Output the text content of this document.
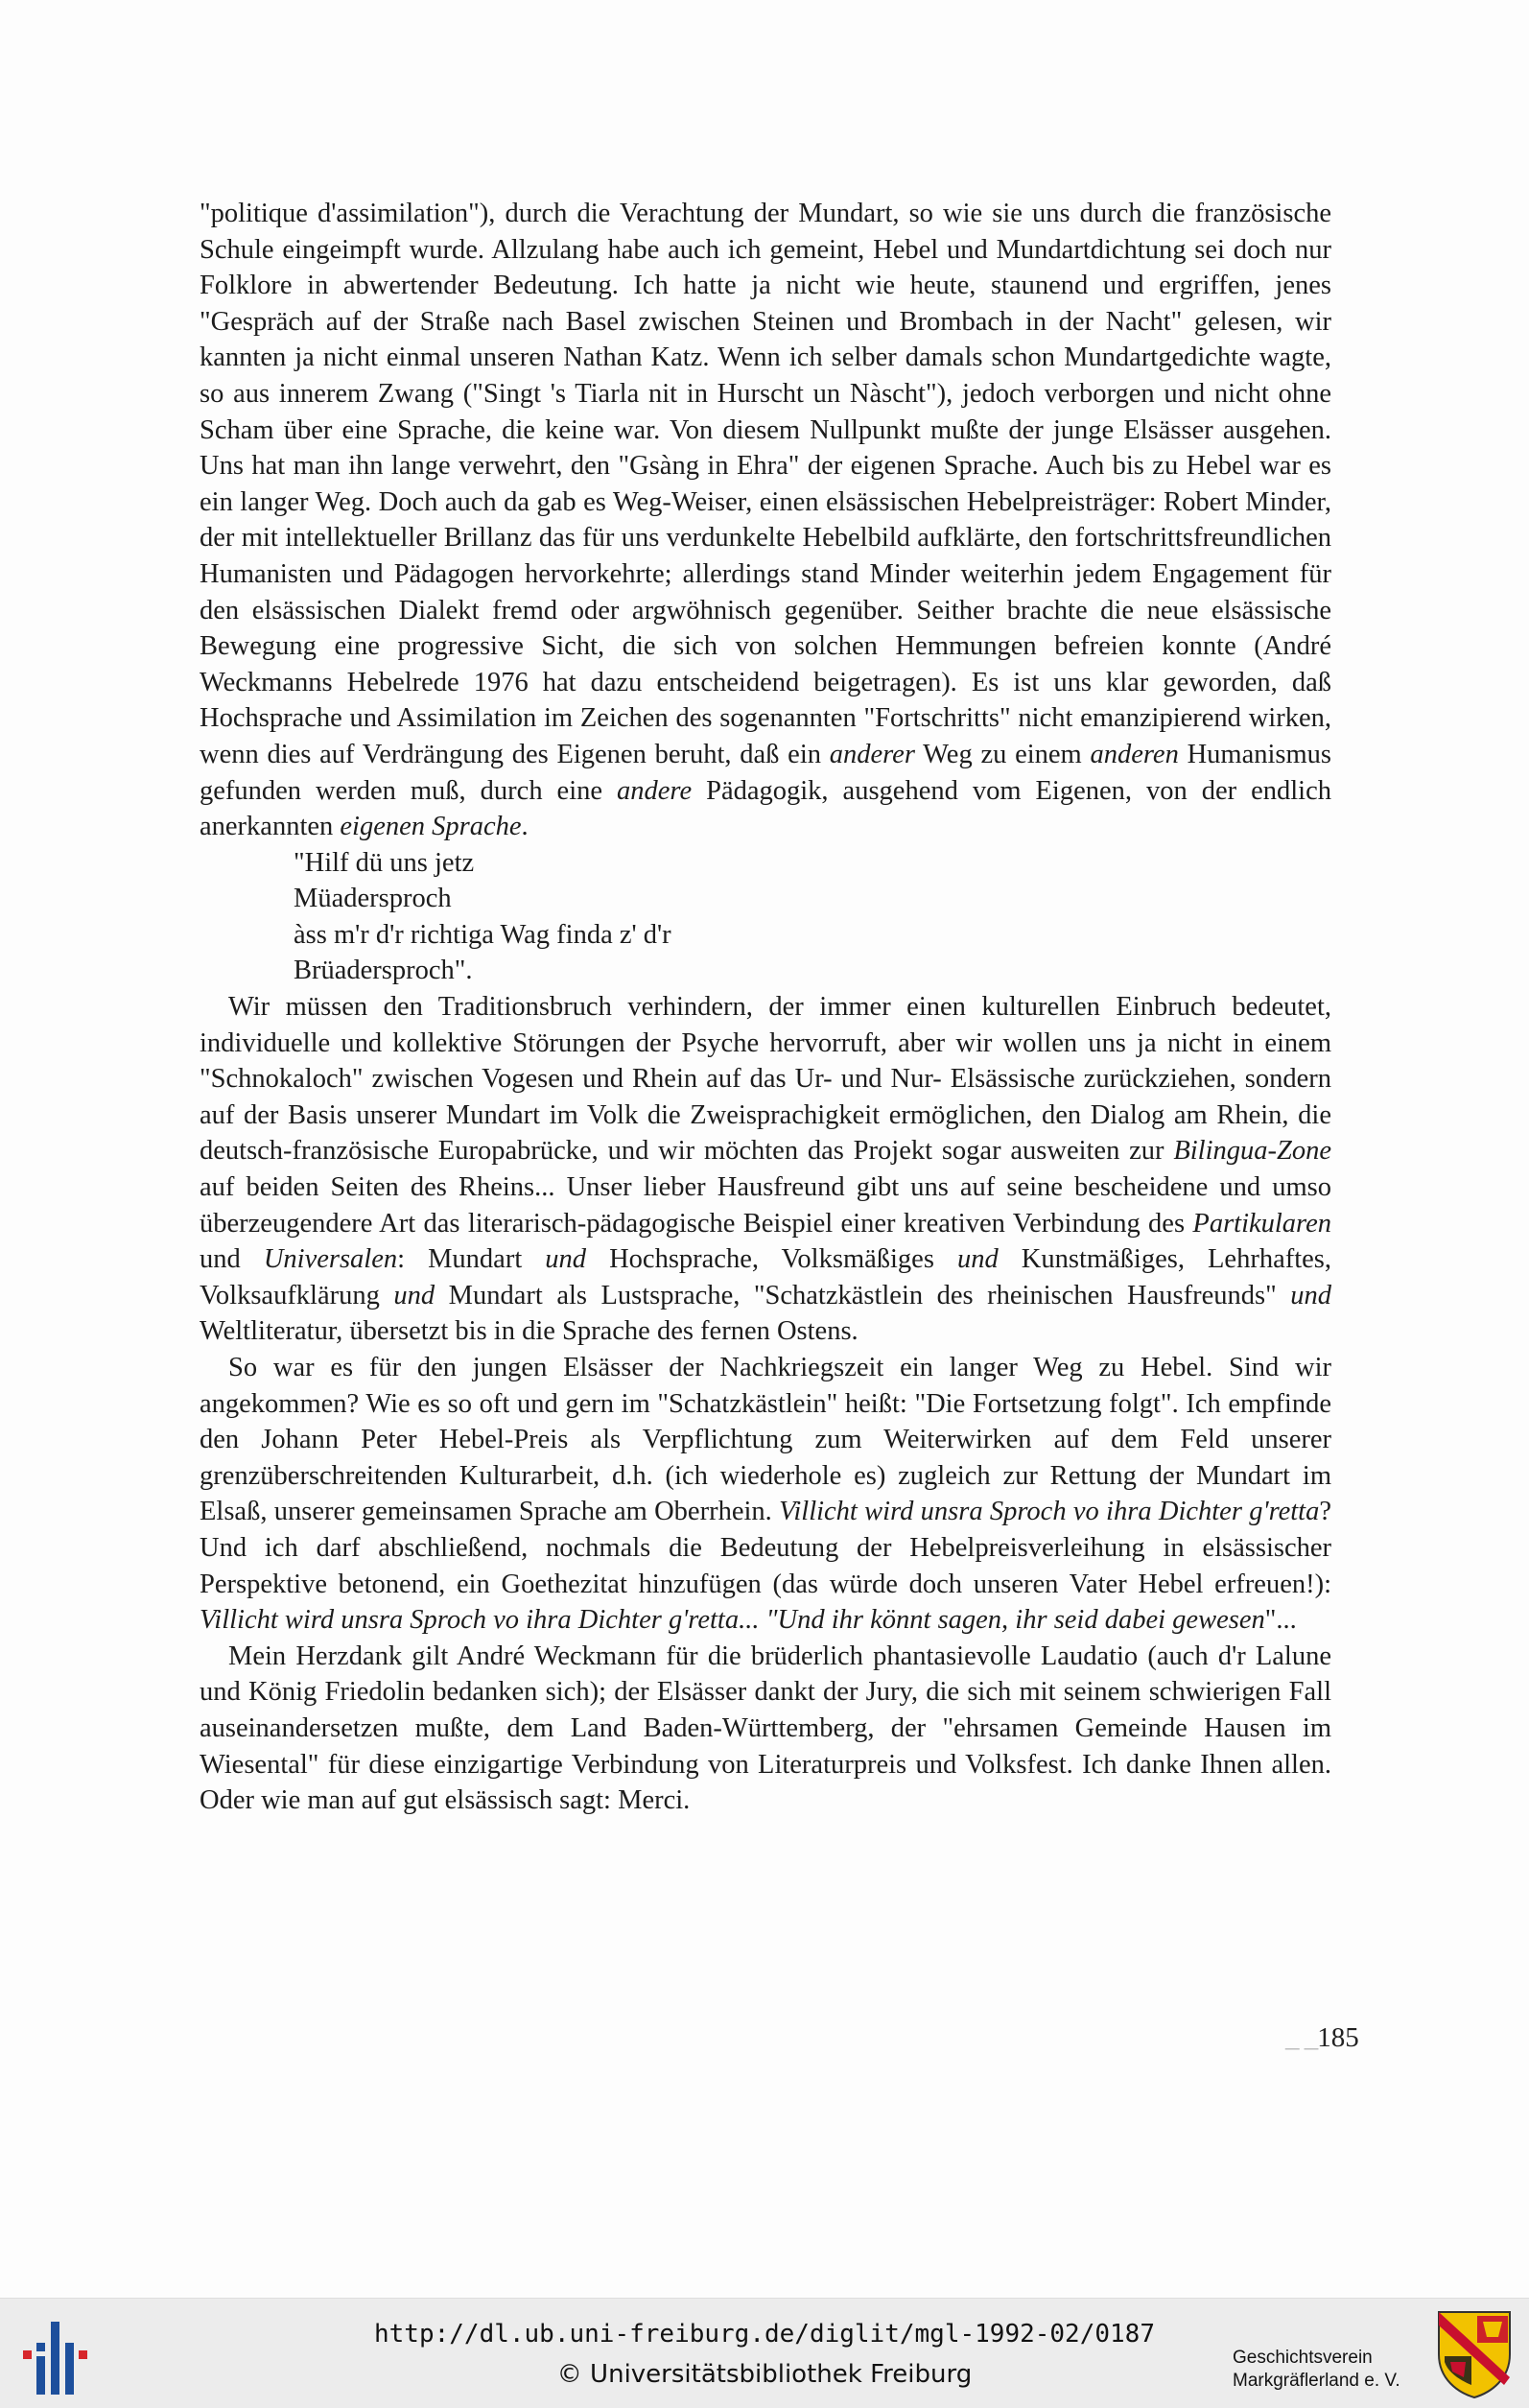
"politique d'assimilation"), durch die Verachtung der Mundart, so wie sie uns durch die französische Schule eingeimpft wurde. Allzulang habe auch ich gemeint, Hebel und Mundartdichtung sei doch nur Folklore in abwertender Bedeutung. Ich hatte ja nicht wie heute, staunend und ergriffen, jenes "Gespräch auf der Straße nach Basel zwischen Steinen und Brombach in der Nacht" gelesen, wir kannten ja nicht einmal unseren Nathan Katz. Wenn ich selber damals schon Mundartgedichte wagte, so aus innerem Zwang ("Singt 's Tiarla nit in Hurscht un Nàscht"), jedoch verborgen und nicht ohne Scham über eine Sprache, die keine war. Von diesem Nullpunkt mußte der junge Elsässer ausgehen. Uns hat man ihn lange verwehrt, den "Gsàng in Ehra" der eigenen Sprache. Auch bis zu Hebel war es ein langer Weg. Doch auch da gab es Weg-Weiser, einen elsässischen Hebelpreisträger: Robert Minder, der mit intellektueller Brillanz das für uns verdunkelte Hebelbild aufklärte, den fortschrittsfreundlichen Humanisten und Pädagogen hervorkehrte; allerdings stand Minder weiterhin jedem Engagement für den elsässischen Dialekt fremd oder argwöhnisch gegenüber. Seither brachte die neue elsässische Bewegung eine progressive Sicht, die sich von solchen Hemmungen befreien konnte (André Weckmanns Hebelrede 1976 hat dazu entscheidend beigetragen). Es ist uns klar geworden, daß Hochsprache und Assimilation im Zeichen des sogenannten "Fortschritts" nicht emanzipierend wirken, wenn dies auf Verdrängung des Eigenen beruht, daß ein anderer Weg zu einem anderen Humanismus gefunden werden muß, durch eine andere Pädagogik, ausgehend vom Eigenen, von der endlich anerkannten eigenen Sprache.

"Hilf dü uns jetz
Müadersproch
àss m'r d'r richtiga Wag finda z' d'r
Brüadersproch".

Wir müssen den Traditionsbruch verhindern, der immer einen kulturellen Einbruch bedeutet, individuelle und kollektive Störungen der Psyche hervorruft, aber wir wollen uns ja nicht in einem "Schnokaloch" zwischen Vogesen und Rhein auf das Ur- und Nur- Elsässische zurückziehen, sondern auf der Basis unserer Mundart im Volk die Zweisprachigkeit ermöglichen, den Dialog am Rhein, die deutsch-französische Europabrücke, und wir möchten das Projekt sogar ausweiten zur Bilingua-Zone auf beiden Seiten des Rheins... Unser lieber Hausfreund gibt uns auf seine bescheidene und umso überzeugendere Art das literarisch-pädagogische Beispiel einer kreativen Verbindung des Partikularen und Universalen: Mundart und Hochsprache, Volksmäßiges und Kunstmäßiges, Lehrhaftes, Volksaufklärung und Mundart als Lustsprache, "Schatzkästlein des rheinischen Hausfreunds" und Weltliteratur, übersetzt bis in die Sprache des fernen Ostens.

So war es für den jungen Elsässer der Nachkriegszeit ein langer Weg zu Hebel. Sind wir angekommen? Wie es so oft und gern im "Schatzkästlein" heißt: "Die Fortsetzung folgt". Ich empfinde den Johann Peter Hebel-Preis als Verpflichtung zum Weiterwirken auf dem Feld unserer grenzüberschreitenden Kulturarbeit, d.h. (ich wiederhole es) zugleich zur Rettung der Mundart im Elsaß, unserer gemeinsamen Sprache am Oberrhein. Villicht wird unsra Sproch vo ihra Dichter g'retta? Und ich darf abschließend, nochmals die Bedeutung der Hebelpreisverleihung in elsässischer Perspektive betonend, ein Goethezitat hinzufügen (das würde doch unseren Vater Hebel erfreuen!): Villicht wird unsra Sproch vo ihra Dichter g'retta... "Und ihr könnt sagen, ihr seid dabei gewesen"...

Mein Herzdank gilt André Weckmann für die brüderlich phantasievolle Laudatio (auch d'r Lalune und König Friedolin bedanken sich); der Elsässer dankt der Jury, die sich mit seinem schwierigen Fall auseinandersetzen mußte, dem Land Baden-Württemberg, der "ehrsamen Gemeinde Hausen im Wiesental" für diese einzigartige Verbindung von Literaturpreis und Volksfest. Ich danke Ihnen allen. Oder wie man auf gut elsässisch sagt: Merci.

_ _185
http://dl.ub.uni-freiburg.de/diglit/mgl-1992-02/0187
© Universitätsbibliothek Freiburg
Geschichtsverein
Markgräflerland e. V.
